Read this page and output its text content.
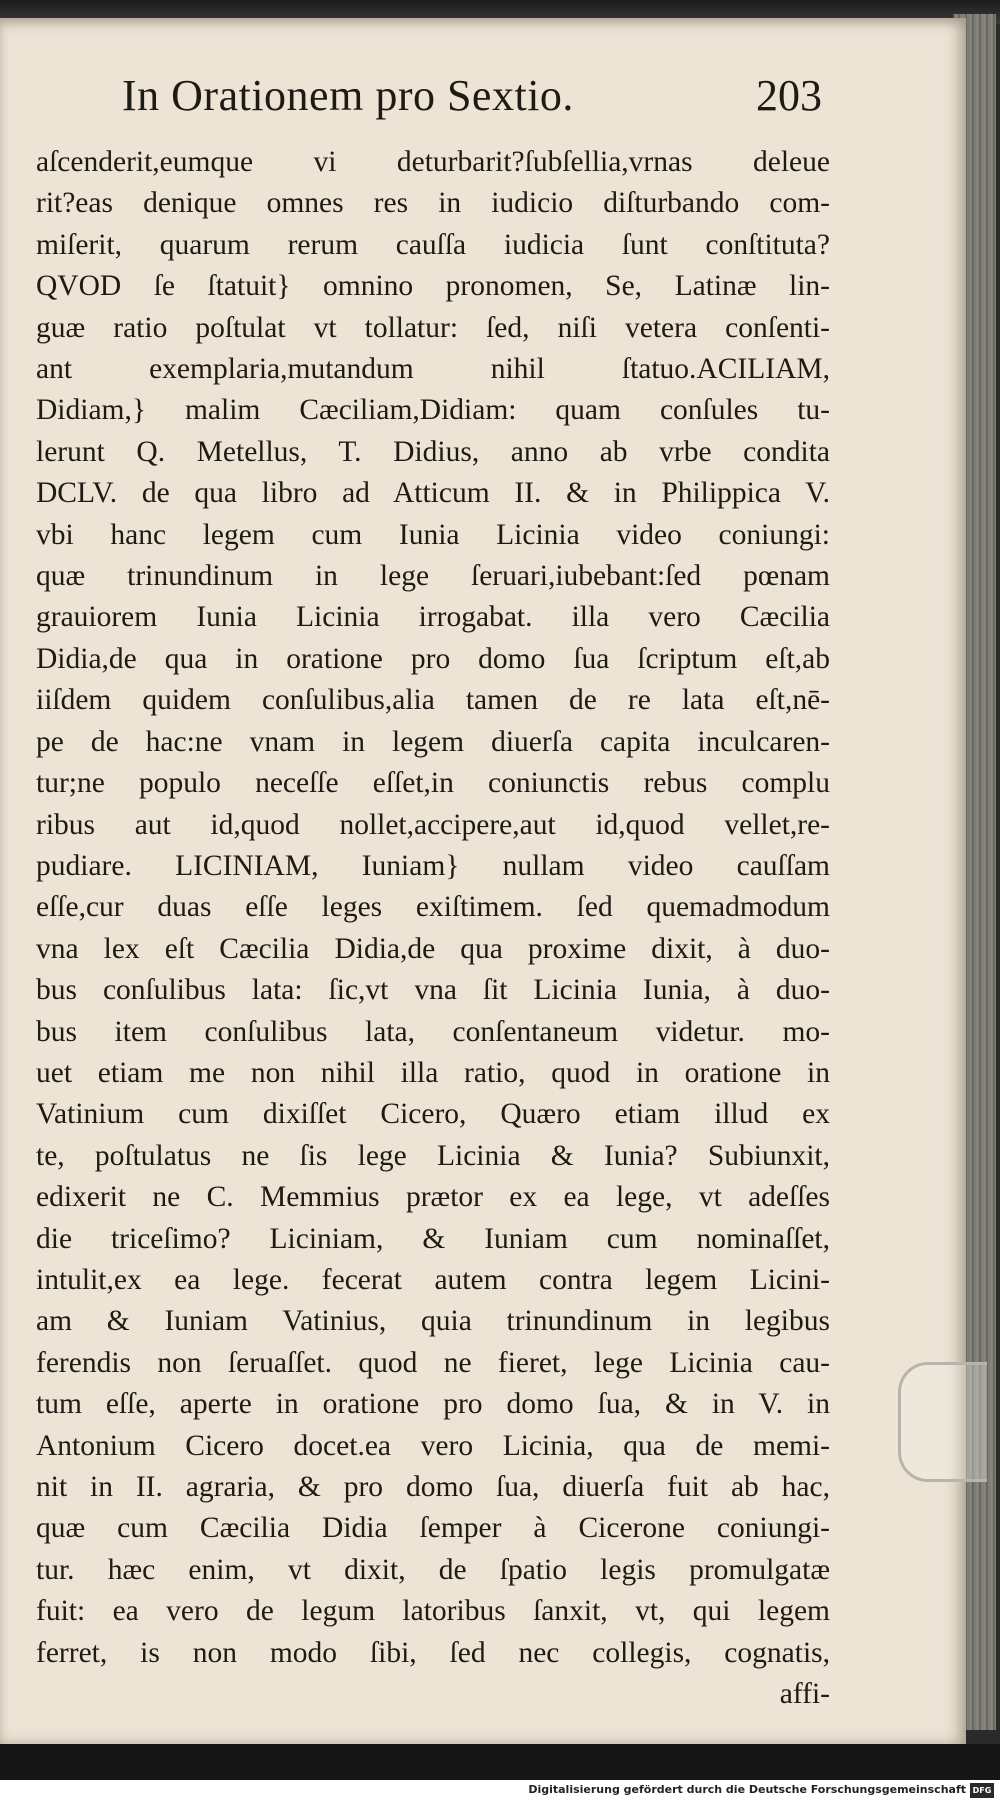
In Orationem pro Sextio.	203
aſcenderit,eumque vi deturbarit?ſubſellia,vrnas deleue
rit?eas denique omnes res in iudicio diſturbando com-
miſerit, quarum rerum cauſſa iudicia ſunt conſtituta?
QVOD ſe ſtatuit} omnino pronomen, Se, Latinæ lin-
guæ ratio poſtulat vt tollatur: ſed, niſi vetera conſenti-
ant exemplaria,mutandum nihil ſtatuo.ACILIAM,
Didiam,} malim Cæciliam,Didiam: quam conſules tu-
lerunt Q. Metellus, T. Didius, anno ab vrbe condita
DCLV. de qua libro ad Atticum II. & in Philippica V.
vbi hanc legem cum Iunia Licinia video coniungi:
quæ trinundinum in lege ſeruari,iubebant:ſed pœnam
grauiorem Iunia Licinia irrogabat. illa vero Cæcilia
Didia,de qua in oratione pro domo ſua ſcriptum eſt,ab
iiſdem quidem conſulibus,alia tamen de re lata eſt,nē-
pe de hac:ne vnam in legem diuerſa capita inculcaren-
tur;ne populo neceſſe eſſet,in coniunctis rebus complu
ribus aut id,quod nollet,accipere,aut id,quod vellet,re-
pudiare. LICINIAM, Iuniam} nullam video cauſſam
eſſe,cur duas eſſe leges exiſtimem. ſed quemadmodum
vna lex eſt Cæcilia Didia,de qua proxime dixit, à duo-
bus conſulibus lata: ſic,vt vna ſit Licinia Iunia, à duo-
bus item conſulibus lata, conſentaneum videtur. mo-
uet etiam me non nihil illa ratio, quod in oratione in
Vatinium cum dixiſſet Cicero, Quæro etiam illud ex
te, poſtulatus ne ſis lege Licinia & Iunia? Subiunxit,
edixerit ne C. Memmius prætor ex ea lege, vt adeſſes
die triceſimo? Liciniam, & Iuniam cum nominaſſet,
intulit,ex ea lege. fecerat autem contra legem Licini-
am & Iuniam Vatinius, quia trinundinum in legibus
ferendis non ſeruaſſet. quod ne fieret, lege Licinia cau-
tum eſſe, aperte in oratione pro domo ſua, & in V. in
Antonium Cicero docet.ea vero Licinia, qua de memi-
nit in II. agraria, & pro domo ſua, diuerſa fuit ab hac,
quæ cum Cæcilia Didia ſemper à Cicerone coniungi-
tur. hæc enim, vt dixit, de ſpatio legis promulgatæ
fuit: ea vero de legum latoribus ſanxit, vt, qui legem
ferret, is non modo ſibi, ſed nec collegis, cognatis,
affi-
Digitalisierung gefördert durch die Deutsche Forschungsgemeinschaft DFG
